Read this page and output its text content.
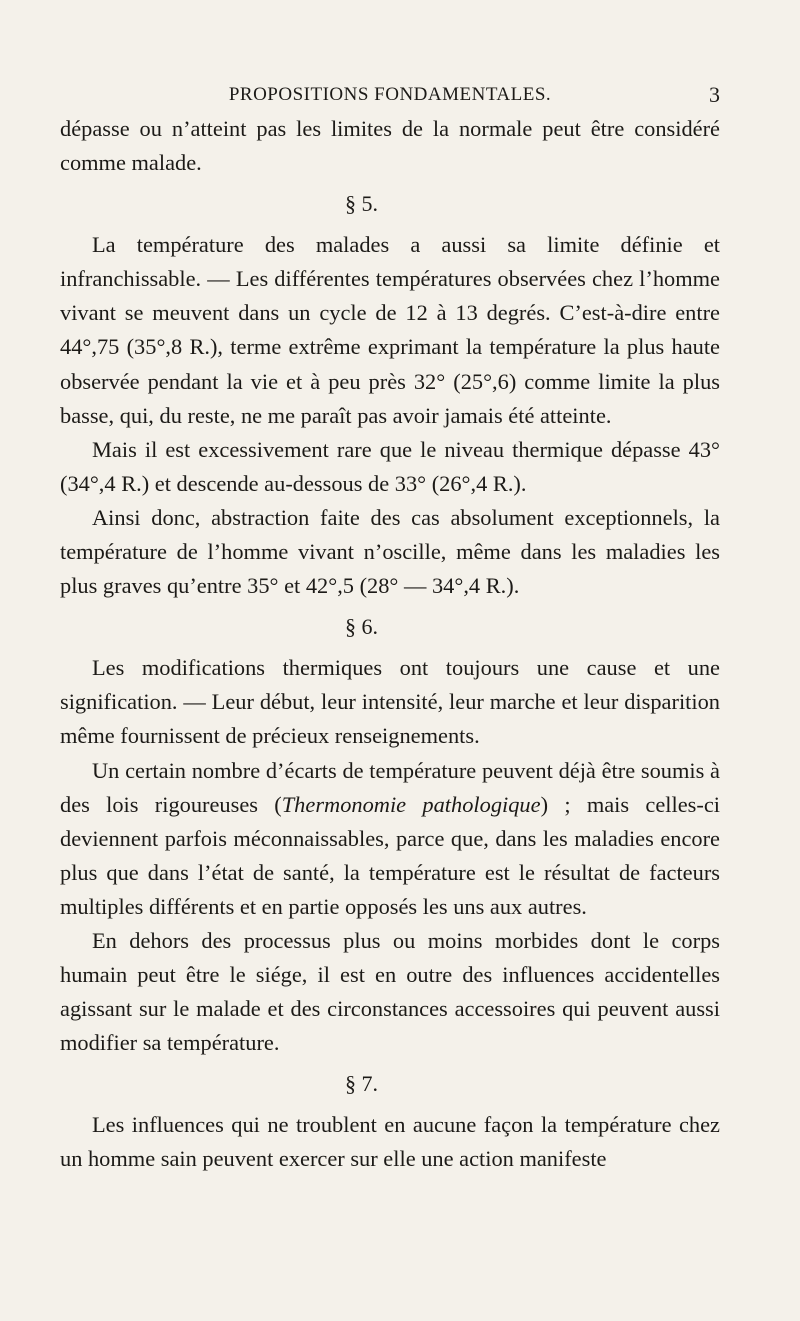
PROPOSITIONS FONDAMENTALES.	3

dépasse ou n’atteint pas les limites de la normale peut être considéré comme malade.

§ 5.

La température des malades a aussi sa limite définie et infranchissable. — Les différentes températures observées chez l’homme vivant se meuvent dans un cycle de 12 à 13 degrés. C’est-à-dire entre 44°,75 (35°,8 R.), terme extrême exprimant la température la plus haute observée pendant la vie et à peu près 32° (25°,6) comme limite la plus basse, qui, du reste, ne me paraît pas avoir jamais été atteinte.

Mais il est excessivement rare que le niveau thermique dépasse 43° (34°,4 R.) et descende au-dessous de 33° (26°,4 R.).

Ainsi donc, abstraction faite des cas absolument exceptionnels, la température de l’homme vivant n’oscille, même dans les maladies les plus graves qu’entre 35° et 42°,5 (28° — 34°,4 R.).

§ 6.

Les modifications thermiques ont toujours une cause et une signification. — Leur début, leur intensité, leur marche et leur disparition même fournissent de précieux renseignements.

Un certain nombre d’écarts de température peuvent déjà être soumis à des lois rigoureuses (Thermonomie pathologique) ; mais celles-ci deviennent parfois méconnaissables, parce que, dans les maladies encore plus que dans l’état de santé, la température est le résultat de facteurs multiples différents et en partie opposés les uns aux autres.

En dehors des processus plus ou moins morbides dont le corps humain peut être le siége, il est en outre des influences accidentelles agissant sur le malade et des circonstances accessoires qui peuvent aussi modifier sa température.

§ 7.

Les influences qui ne troublent en aucune façon la température chez un homme sain peuvent exercer sur elle une action manifeste
